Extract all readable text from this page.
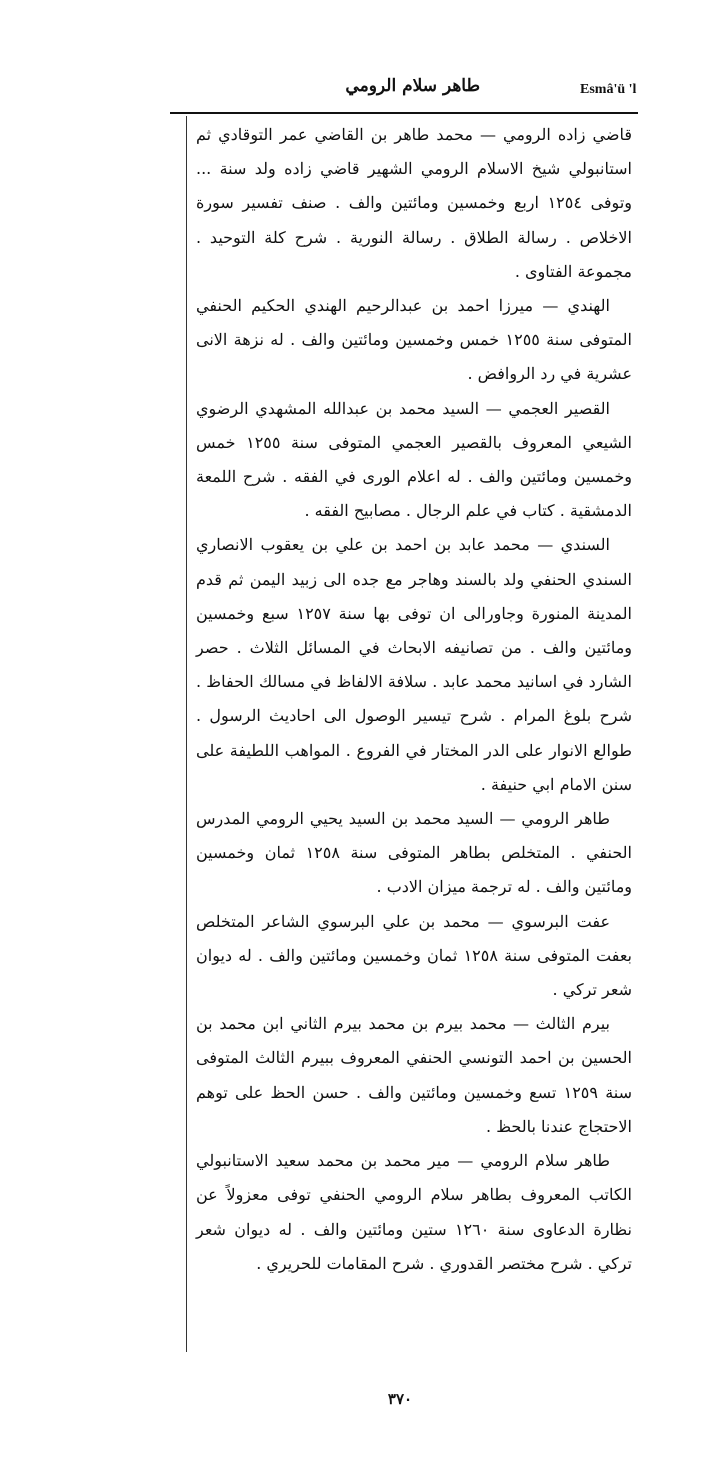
طاهر سلام الرومي	Esmâ'ü 'l

قاضي زاده الرومي — محمد طاهر بن القاضي عمر التوقادي ثم استانبولي شيخ الاسلام الرومي الشهير قاضي زاده ولد سنة ... وتوفى ١٢٥٤ اربع وخمسين ومائتين والف . صنف تفسير سورة الاخلاص . رسالة الطلاق . رسالة النورية . شرح كلة التوحيد . مجموعة الفتاوى .

الهندي — ميرزا احمد بن عبدالرحيم الهندي الحكيم الحنفي المتوفى سنة ١٢٥٥ خمس وخمسين ومائتين والف . له نزهة الانى عشرية في رد الروافض .

القصير العجمي — السيد محمد بن عبدالله المشهدي الرضوي الشيعي المعروف بالقصير العجمي المتوفى سنة ١٢٥٥ خمس وخمسين ومائتين والف . له اعلام الورى في الفقه . شرح اللمعة الدمشقية . كتاب في علم الرجال . مصابيح الفقه .

السندي — محمد عابد بن احمد بن علي بن يعقوب الانصاري السندي الحنفي ولد بالسند وهاجر مع جده الى زبيد اليمن ثم قدم المدينة المنورة وجاورالى ان توفى بها سنة ١٢٥٧ سبع وخمسين ومائتين والف . من تصانيفه الابحاث في المسائل الثلاث . حصر الشارد في اسانيد محمد عابد . سلافة الالفاظ في مسالك الحفاظ . شرح بلوغ المرام . شرح تيسير الوصول الى احاديث الرسول . طوالع الانوار على الدر المختار في الفروع . المواهب اللطيفة على سنن الامام ابي حنيفة .

طاهر الرومي — السيد محمد بن السيد يحيي الرومي المدرس الحنفي . المتخلص بطاهر المتوفى سنة ١٢٥٨ ثمان وخمسين ومائتين والف . له ترجمة ميزان الادب .

عفت البرسوي — محمد بن علي البرسوي الشاعر المتخلص بعفت المتوفى سنة ١٢٥٨ ثمان وخمسين ومائتين والف . له ديوان شعر تركي .

بيرم الثالث — محمد بيرم بن محمد بيرم الثاني ابن محمد بن الحسين بن احمد التونسي الحنفي المعروف ببيرم الثالث المتوفى سنة ١٢٥٩ تسع وخمسين ومائتين والف . حسن الحظ على توهم الاحتجاج عندنا بالحظ .

طاهر سلام الرومي — مير محمد بن محمد سعيد الاستانبولي الكاتب المعروف بطاهر سلام الرومي الحنفي توفى معزولاً عن نظارة الدعاوى سنة ١٢٦٠ ستين ومائتين والف . له ديوان شعر تركي . شرح مختصر القدوري . شرح المقامات للحريري .

٣٧٠
